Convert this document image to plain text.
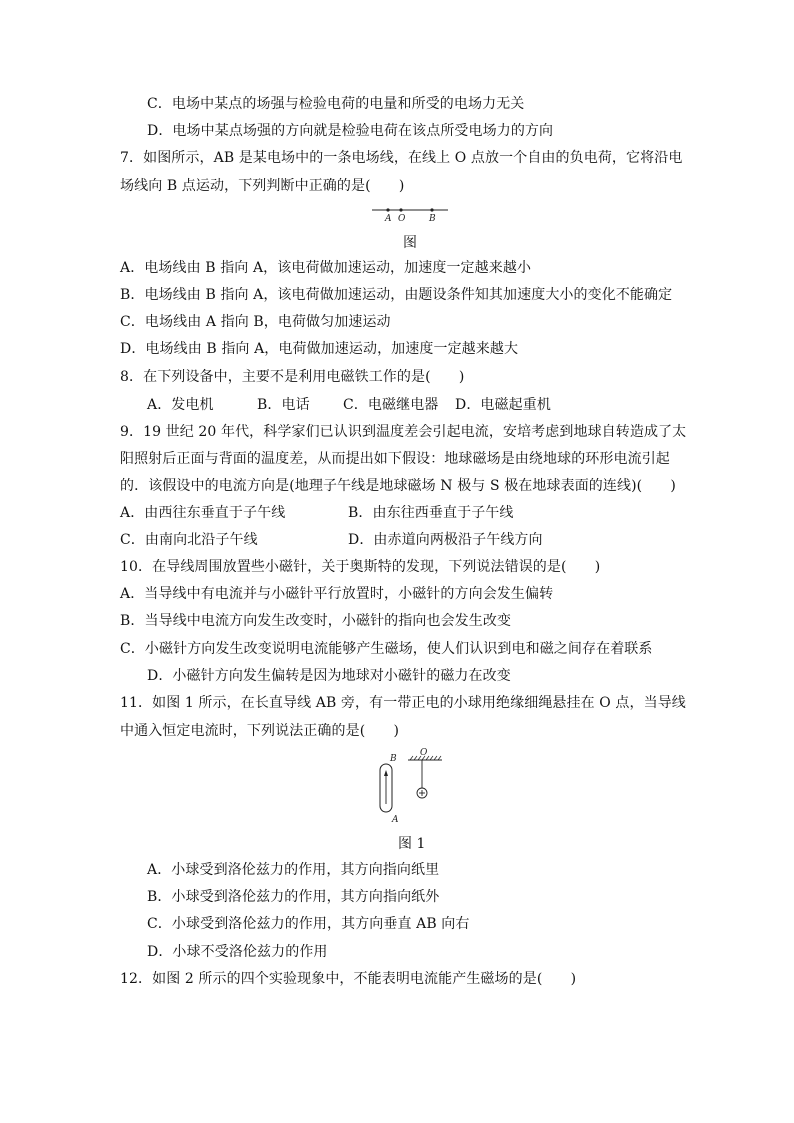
C．电场中某点的场强与检验电荷的电量和所受的电场力无关
D．电场中某点场强的方向就是检验电荷在该点所受电场力的方向
7．如图所示，AB 是某电场中的一条电场线，在线上 O 点放一个自由的负电荷，它将沿电
场线向 B 点运动，下列判断中正确的是(　　)
A O	B
图
A．电场线由 B 指向 A，该电荷做加速运动，加速度一定越来越小
B．电场线由 B 指向 A，该电荷做加速运动，由题设条件知其加速度大小的变化不能确定
C．电场线由 A 指向 B，电荷做匀加速运动
D．电场线由 B 指向 A，电荷做加速运动，加速度一定越来越大
8．在下列设备中，主要不是利用电磁铁工作的是(　　)
A．发电机	B．电话 C．电磁继电器 D．电磁起重机
9．19 世纪 20 年代，科学家们已认识到温度差会引起电流，安培考虑到地球自转造成了太
阳照射后正面与背面的温度差，从而提出如下假设：地球磁场是由绕地球的环形电流引起
的．该假设中的电流方向是(地理子午线是地球磁场 N 极与 S 极在地球表面的连线)(　　)
A．由西往东垂直于子午线	B．由东往西垂直于子午线
C．由南向北沿子午线	D．由赤道向两极沿子午线方向
10．在导线周围放置些小磁针，关于奥斯特的发现，下列说法错误的是(　　)
A．当导线中有电流并与小磁针平行放置时，小磁针的方向会发生偏转
B．当导线中电流方向发生改变时，小磁针的指向也会发生改变
C．小磁针方向发生改变说明电流能够产生磁场，使人们认识到电和磁之间存在着联系
D．小磁针方向发生偏转是因为地球对小磁针的磁力在改变
11．如图 1 所示，在长直导线 AB 旁，有一带正电的小球用绝缘细绳悬挂在 O 点，当导线
中通入恒定电流时，下列说法正确的是(　　)
B
A
O
图 1
A．小球受到洛伦兹力的作用，其方向指向纸里
B．小球受到洛伦兹力的作用，其方向指向纸外
C．小球受到洛伦兹力的作用，其方向垂直 AB 向右
D．小球不受洛伦兹力的作用
12．如图 2 所示的四个实验现象中，不能表明电流能产生磁场的是(　　)
